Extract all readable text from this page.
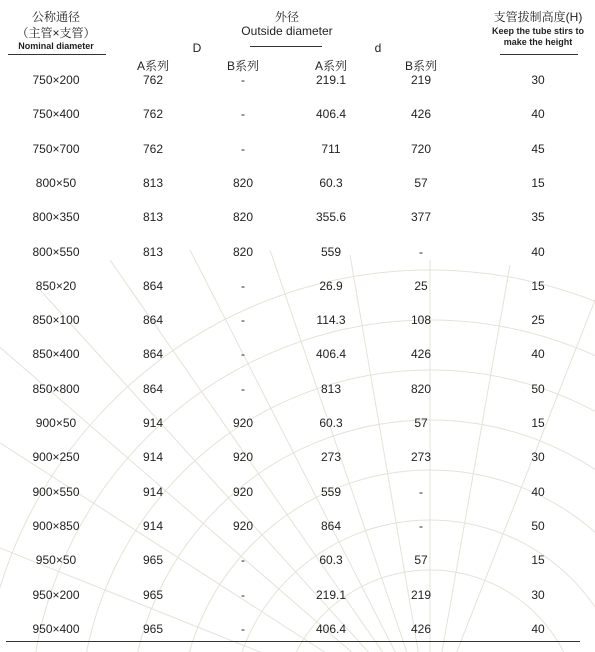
公称通径
（主管×支管）
Nominal diameter
外径
Outside diameter
D	d
支管拔制高度(H)
Keep the tube stirs to
make the height
A系列	B系列	A系列	B系列
750×200	762	-	219.1	219	30
750×400	762	-	406.4	426	40
750×700	762	-	711	720	45
800×50	813	820	60.3	57	15
800×350	813	820	355.6	377	35
800×550	813	820	559	-	40
850×20	864	-	26.9	25	15
850×100	864	-	114.3	108	25
850×400	864	-	406.4	426	40
850×800	864	-	813	820	50
900×50	914	920	60.3	57	15
900×250	914	920	273	273	30
900×550	914	920	559	-	40
900×850	914	920	864	-	50
950×50	965	-	60.3	57	15
950×200	965	-	219.1	219	30
950×400	965	-	406.4	426	40
